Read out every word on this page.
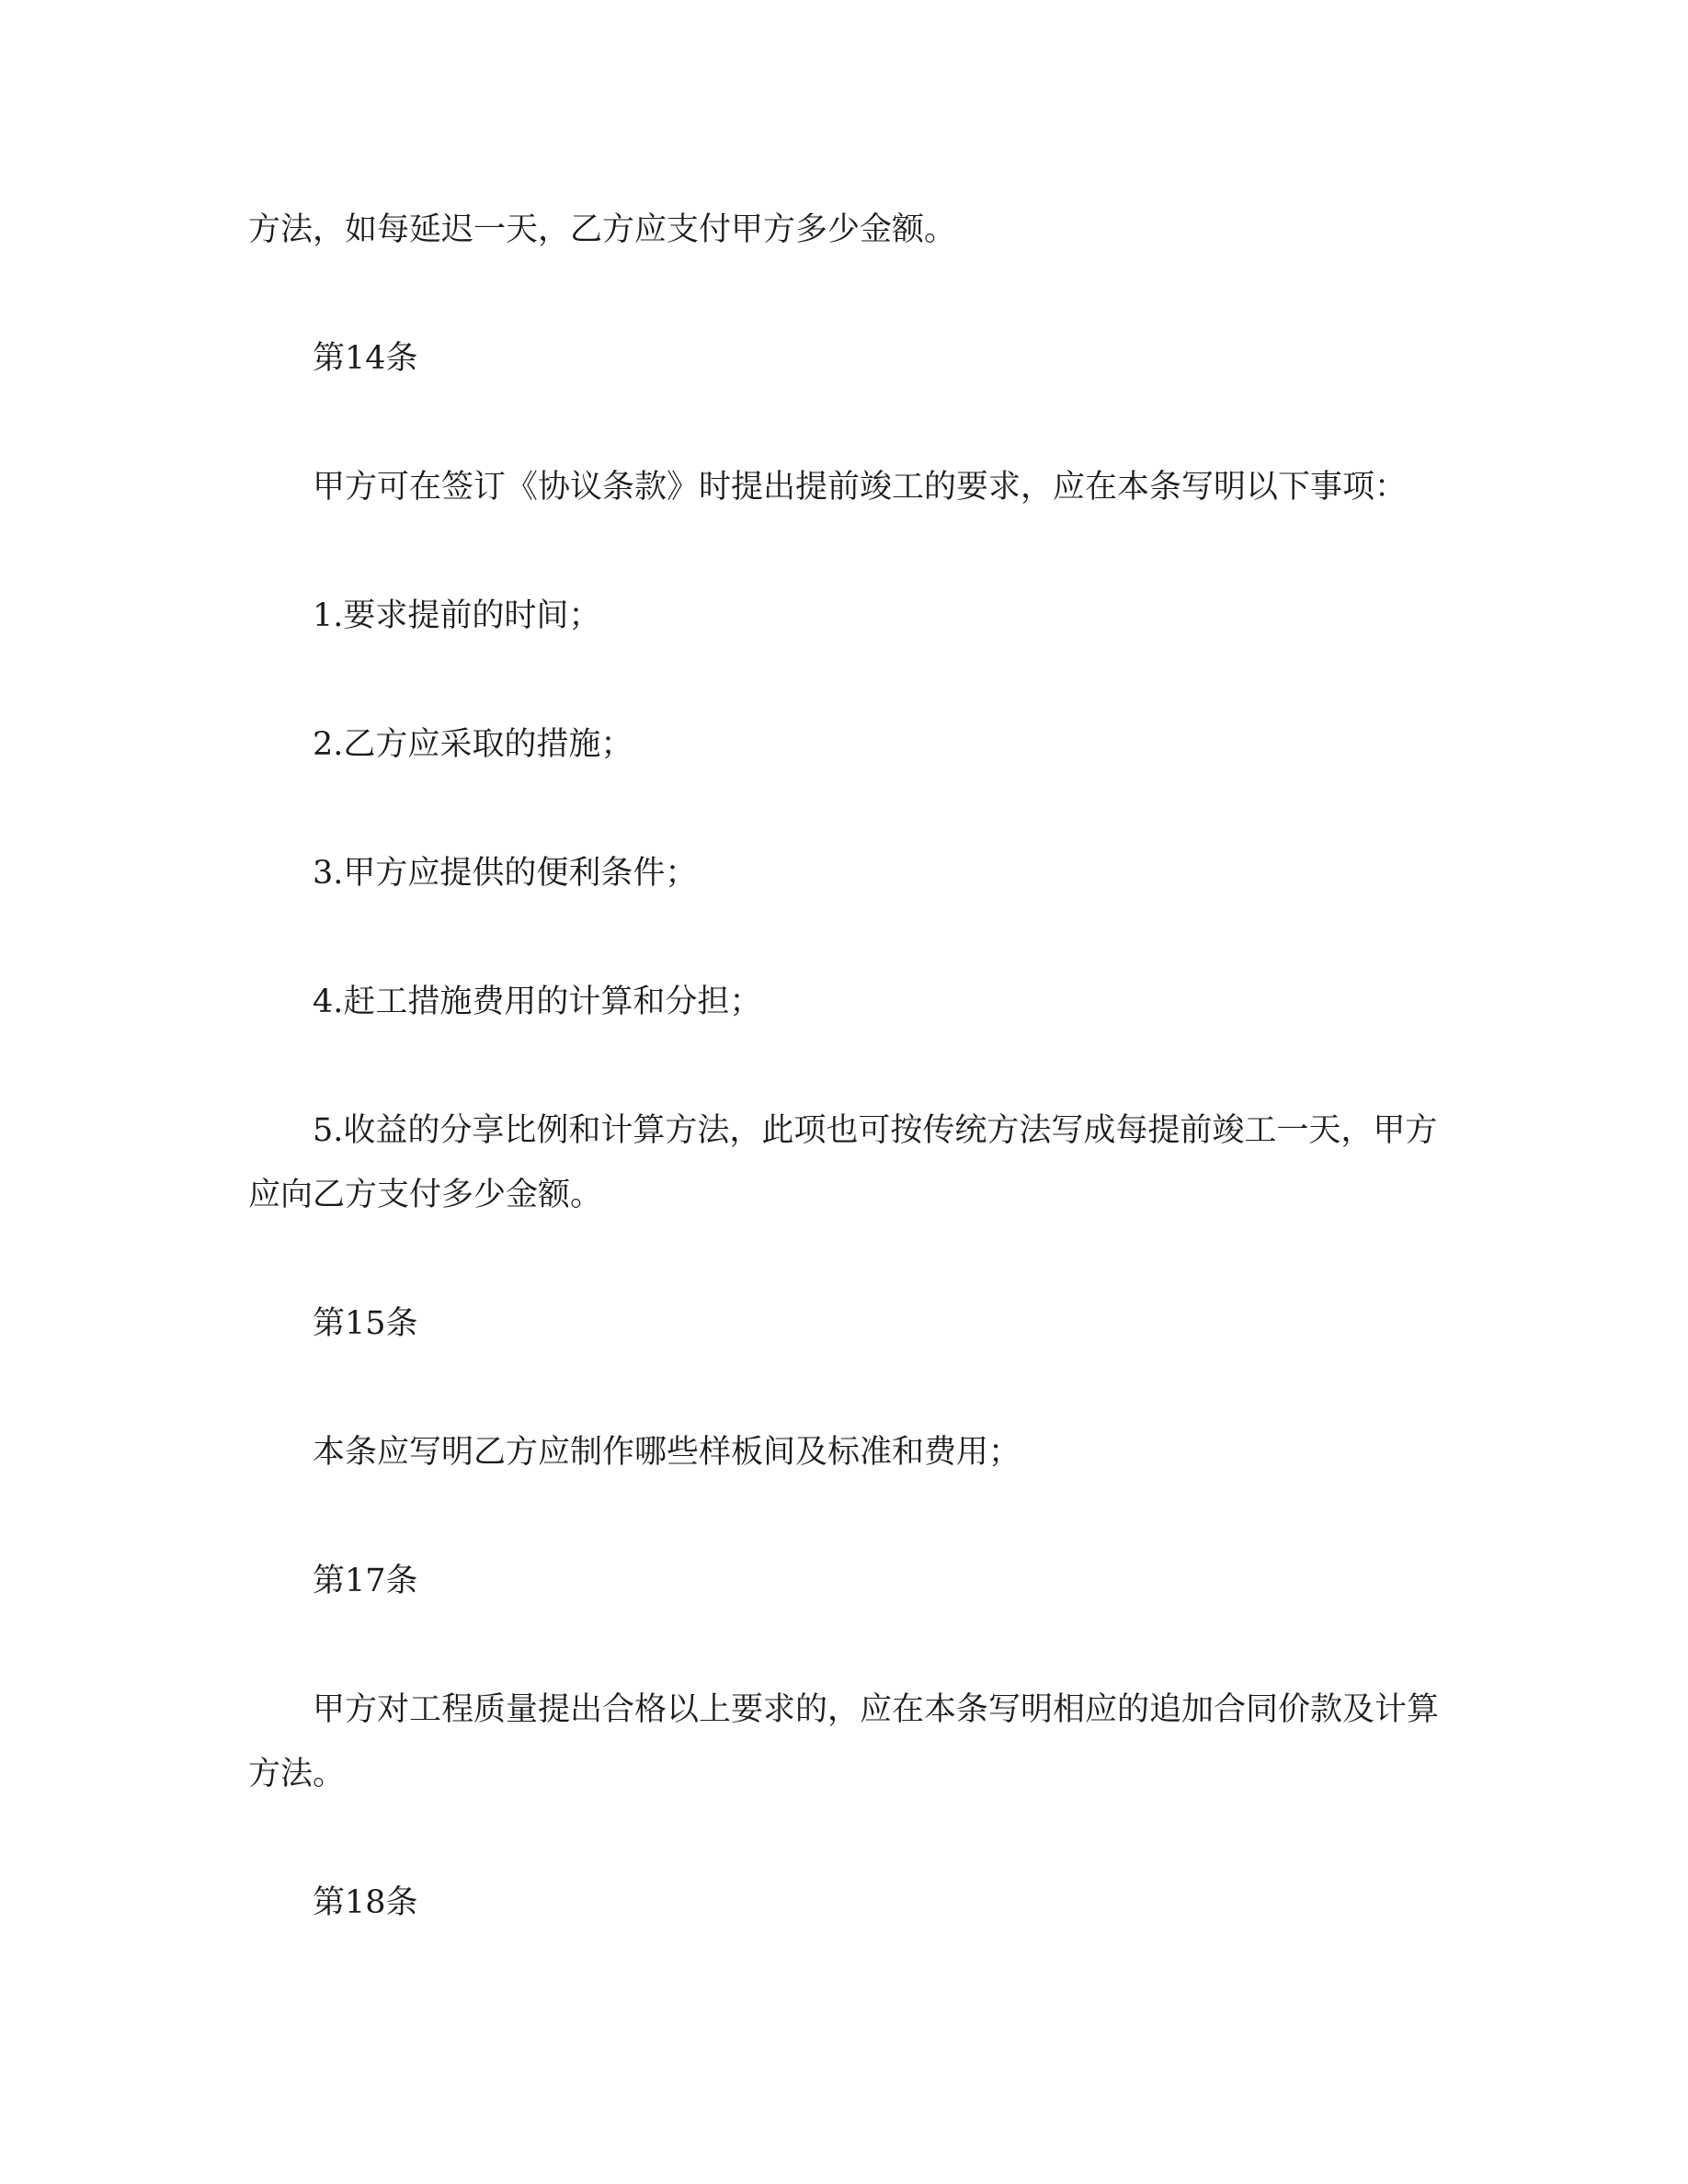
方法，如每延迟一天，乙方应支付甲方多少金额。

第14条

甲方可在签订《协议条款》时提出提前竣工的要求，应在本条写明以下事项：

1.要求提前的时间；

2.乙方应采取的措施；

3.甲方应提供的便利条件；

4.赶工措施费用的计算和分担；

5.收益的分享比例和计算方法，此项也可按传统方法写成每提前竣工一天，甲方应向乙方支付多少金额。

第15条

本条应写明乙方应制作哪些样板间及标准和费用；

第17条

甲方对工程质量提出合格以上要求的，应在本条写明相应的追加合同价款及计算方法。

第18条
